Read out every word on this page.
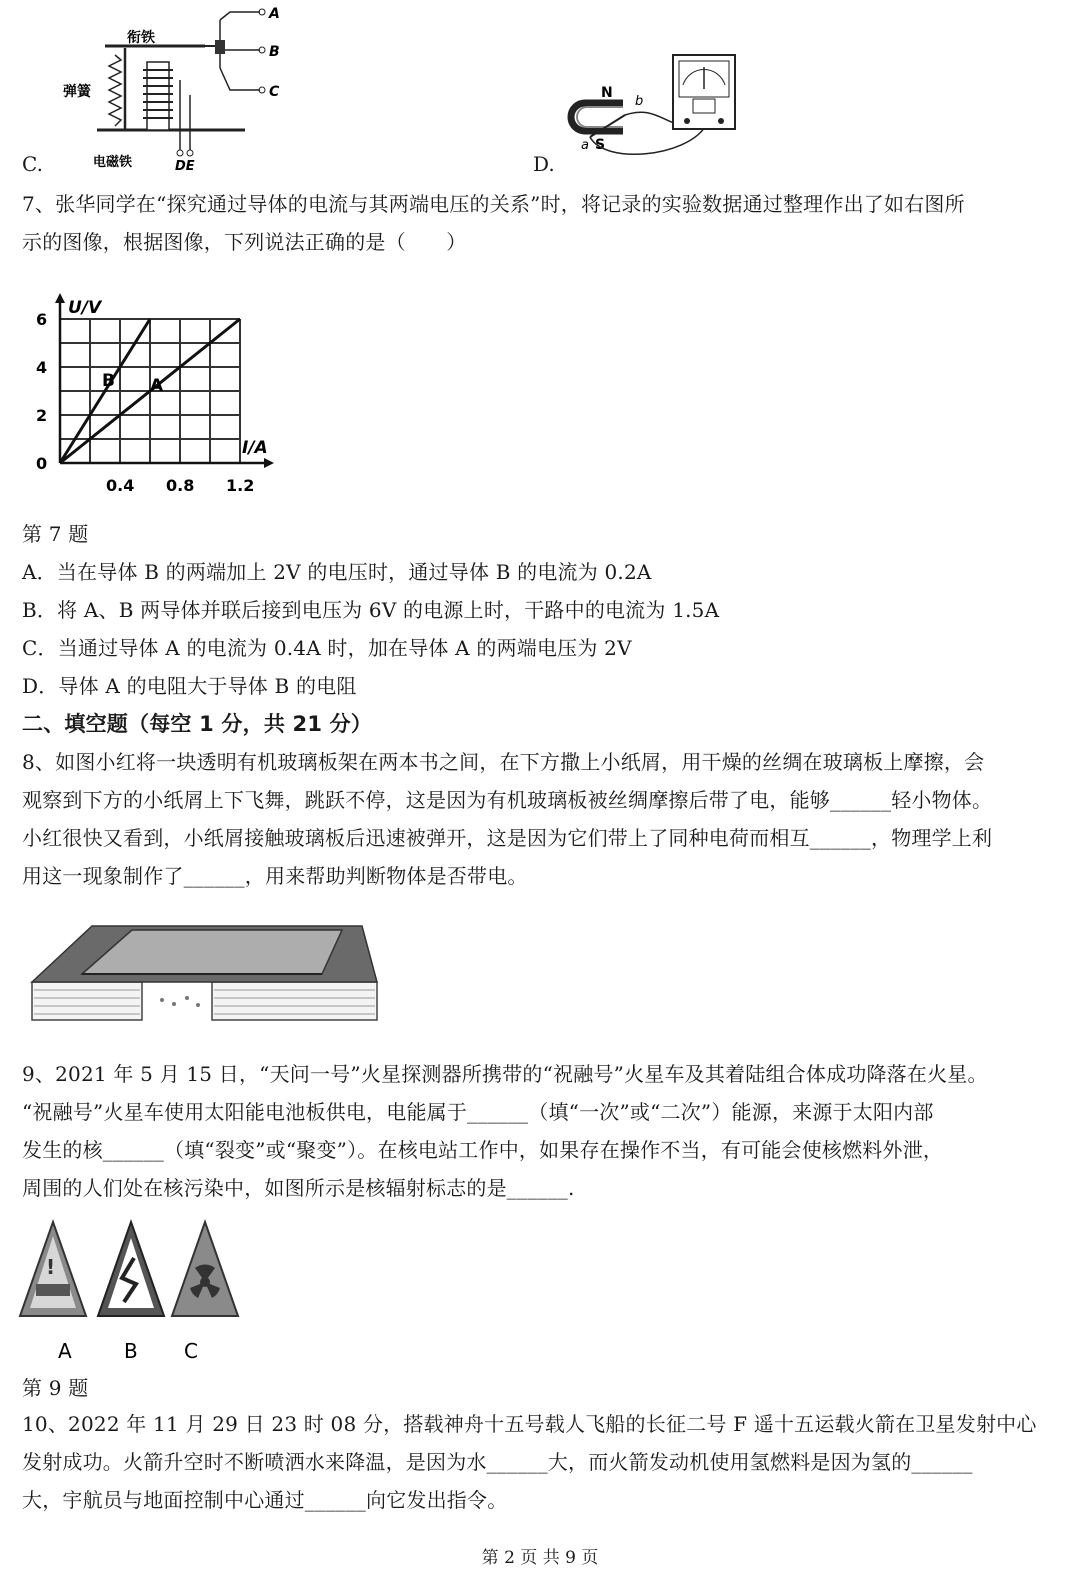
A
B
C
衔铁
弹簧
电磁铁	DE
C.
N
S
b
a
D.
7、张华同学在“探究通过导体的电流与其两端电压的关系”时，将记录的实验数据通过整理作出了如右图所
示的图像，根据图像，下列说法正确的是（　　）
B A
0.4 0.8 1.2
0
2
4
6
I/A
U/V
第 7 题
A．当在导体 B 的两端加上 2V 的电压时，通过导体 B 的电流为 0.2A
B．将 A、B 两导体并联后接到电压为 6V 的电源上时，干路中的电流为 1.5A
C．当通过导体 A 的电流为 0.4A 时，加在导体 A 的两端电压为 2V
D．导体 A 的电阻大于导体 B 的电阻
二、填空题（每空 1 分，共 21 分）
8、如图小红将一块透明有机玻璃板架在两本书之间，在下方撒上小纸屑，用干燥的丝绸在玻璃板上摩擦，会
观察到下方的小纸屑上下飞舞，跳跃不停，这是因为有机玻璃板被丝绸摩擦后带了电，能够______轻小物体。
小红很快又看到，小纸屑接触玻璃板后迅速被弹开，这是因为它们带上了同种电荷而相互______，物理学上利
用这一现象制作了______，用来帮助判断物体是否带电。
9、2021 年 5 月 15 日，“天问一号”火星探测器所携带的“祝融号”火星车及其着陆组合体成功降落在火星。
“祝融号”火星车使用太阳能电池板供电，电能属于______（填“一次”或“二次”）能源，来源于太阳内部
发生的核______（填“裂变”或“聚变”）。在核电站工作中，如果存在操作不当，有可能会使核燃料外泄，
周围的人们处在核污染中，如图所示是核辐射标志的是______.
!
A	B C
第 9 题
10、2022 年 11 月 29 日 23 时 08 分，搭载神舟十五号载人飞船的长征二号 F 遥十五运载火箭在卫星发射中心
发射成功。火箭升空时不断喷洒水来降温，是因为水______大，而火箭发动机使用氢燃料是因为氢的______
大，宇航员与地面控制中心通过______向它发出指令。
第 2 页 共 9 页
